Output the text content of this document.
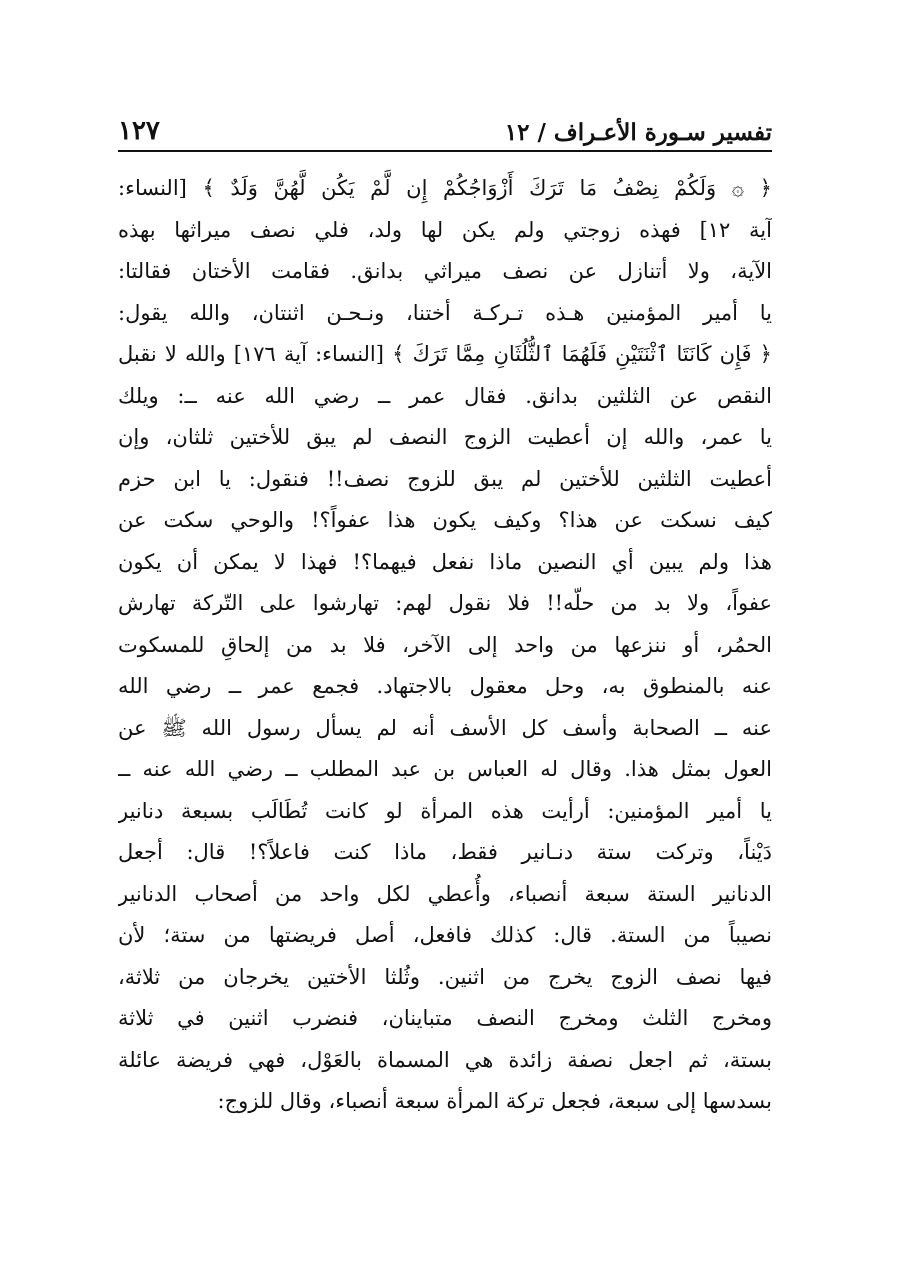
١٢٧	تفسير سـورة الأعـراف / ١٢
﴿ ۞ وَلَكُمْ نِصْفُ مَا تَرَكَ أَزْوَاجُكُمْ إِن لَّمْ يَكُن لَّهُنَّ وَلَدٌ ﴾ [النساء:
آية ١٢] فهذه زوجتي ولم يكن لها ولد، فلي نصف ميراثها بهذه
الآية، ولا أتنازل عن نصف ميراثي بدانق. فقامت الأختان فقالتا:
يا أمير المؤمنين هـذه تـركـة أختنا، ونـحـن اثنتان، والله يقول:
﴿ فَإِن كَانَتَا ٱثْنَتَيْنِ فَلَهُمَا ٱلثُّلُثَانِ مِمَّا تَرَكَ ﴾ [النساء: آية ١٧٦] والله لا نقبل
النقص عن الثلثين بدانق. فقال عمر ــ رضي الله عنه ــ: ويلك
يا عمر، والله إن أعطيت الزوج النصف لم يبق للأختين ثلثان، وإن
أعطيت الثلثين للأختين لم يبق للزوج نصف!! فنقول: يا ابن حزم
كيف نسكت عن هذا؟ وكيف يكون هذا عفواً؟! والوحي سكت عن
هذا ولم يبين أي النصين ماذا نفعل فيهما؟! فهذا لا يمكن أن يكون
عفواً، ولا بد من حلّه!! فلا نقول لهم: تهارشوا على التّركة تهارش
الحمُر، أو ننزعها من واحد إلى الآخر، فلا بد من إلحاقِ للمسكوت
عنه بالمنطوق به، وحل معقول بالاجتهاد. فجمع عمر ــ رضي الله
عنه ــ الصحابة وأسف كل الأسف أنه لم يسأل رسول الله ﷺ عن
العول بمثل هذا. وقال له العباس بن عبد المطلب ــ رضي الله عنه ــ
يا أمير المؤمنين: أرأيت هذه المرأة لو كانت تُطَالَب بسبعة دنانير
دَيْناً، وتركت ستة دنـانير فقط، ماذا كنت فاعلاً؟! قال: أجعل
الدنانير الستة سبعة أنصباء، وأُعطي لكل واحد من أصحاب الدنانير
نصيباً من الستة. قال: كذلك فافعل، أصل فريضتها من ستة؛ لأن
فيها نصف الزوج يخرج من اثنين. وثُلثا الأختين يخرجان من ثلاثة،
ومخرج الثلث ومخرج النصف متباينان، فنضرب اثنين في ثلاثة
بستة، ثم اجعل نصفة زائدة هي المسماة بالعَوْل، فهي فريضة عائلة
بسدسها إلى سبعة، فجعل تركة المرأة سبعة أنصباء، وقال للزوج:
